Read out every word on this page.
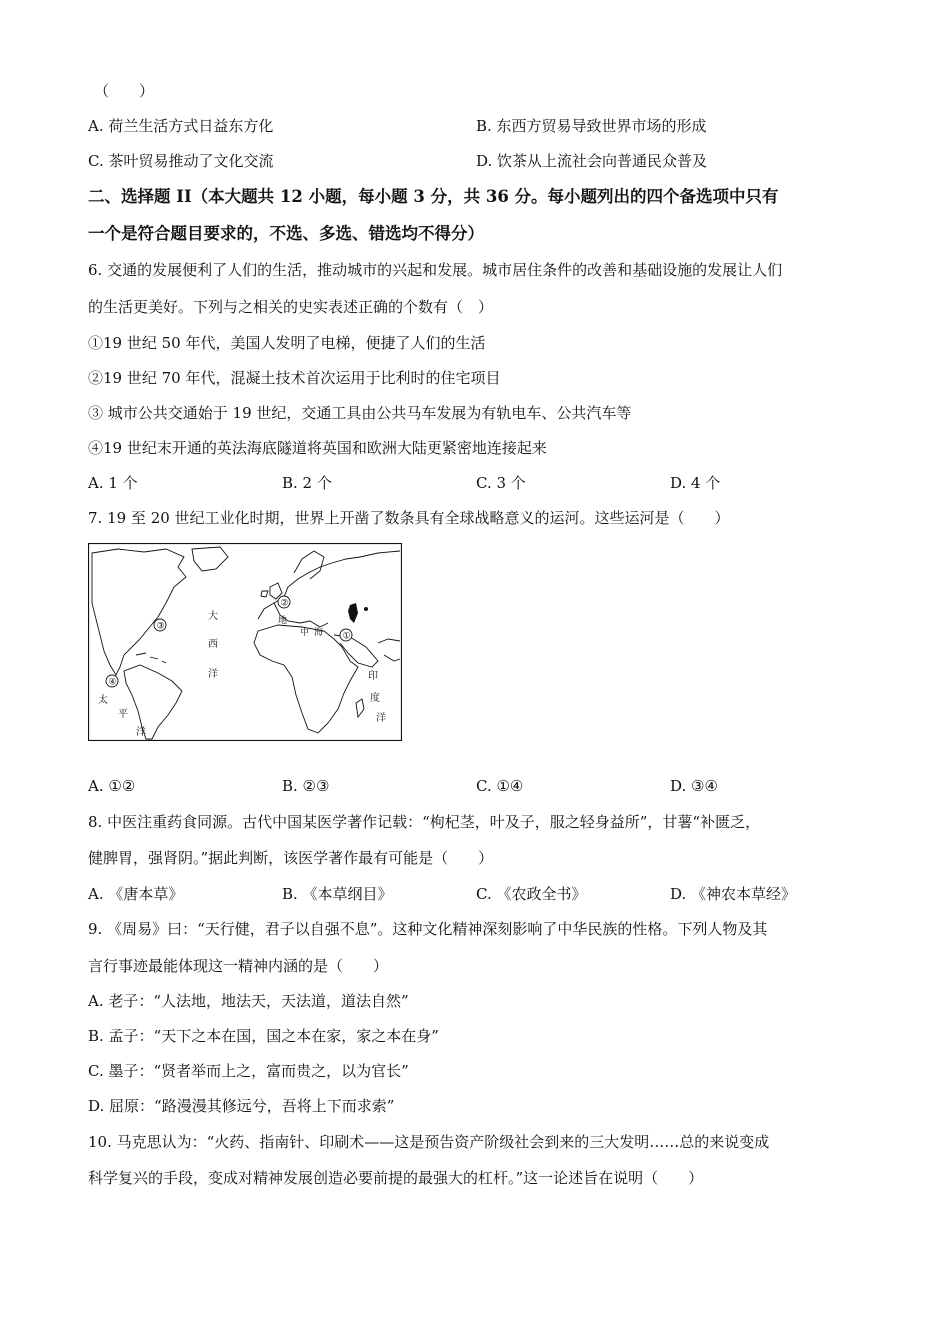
（　　）
A. 荷兰生活方式日益东方化	B. 东西方贸易导致世界市场的形成
C. 茶叶贸易推动了文化交流	D. 饮茶从上流社会向普通民众普及
二、选择题 II（本大题共 12 小题，每小题 3 分，共 36 分。每小题列出的四个备选项中只有
一个是符合题目要求的，不选、多选、错选均不得分）
6. 交通的发展便利了人们的生活，推动城市的兴起和发展。城市居住条件的改善和基础设施的发展让人们
的生活更美好。下列与之相关的史实表述正确的个数有（　）
①19 世纪 50 年代，美国人发明了电梯，便捷了人们的生活
②19 世纪 70 年代，混凝土技术首次运用于比利时的住宅项目
③ 城市公共交通始于 19 世纪，交通工具由公共马车发展为有轨电车、公共汽车等
④19 世纪末开通的英法海底隧道将英国和欧洲大陆更紧密地连接起来
A. 1 个	B. 2 个	C. 3 个	D. 4 个
7. 19 至 20 世纪工业化时期，世界上开凿了数条具有全球战略意义的运河。这些运河是（　　）
①
②
③
④
大
西
洋	印
度
洋
太
平
洋
地
中 海
A. ①②	B. ②③	C. ①④	D. ③④
8. 中医注重药食同源。古代中国某医学著作记载：“枸杞茎，叶及子，服之轻身益所”，甘薯“补匮乏，
健脾胃，强肾阴。”据此判断，该医学著作最有可能是（　　）
A. 《唐本草》	B. 《本草纲目》	C. 《农政全书》	D. 《神农本草经》
9. 《周易》曰：“天行健，君子以自强不息”。这种文化精神深刻影响了中华民族的性格。下列人物及其
言行事迹最能体现这一精神内涵的是（　　）
A. 老子：“人法地，地法天，天法道，道法自然”
B. 孟子：“天下之本在国，国之本在家，家之本在身”
C. 墨子：“贤者举而上之，富而贵之，以为官长”
D. 屈原：“路漫漫其修远兮，吾将上下而求索”
10. 马克思认为：“火药、指南针、印刷术——这是预告资产阶级社会到来的三大发明……总的来说变成
科学复兴的手段，变成对精神发展创造必要前提的最强大的杠杆。”这一论述旨在说明（　　）
